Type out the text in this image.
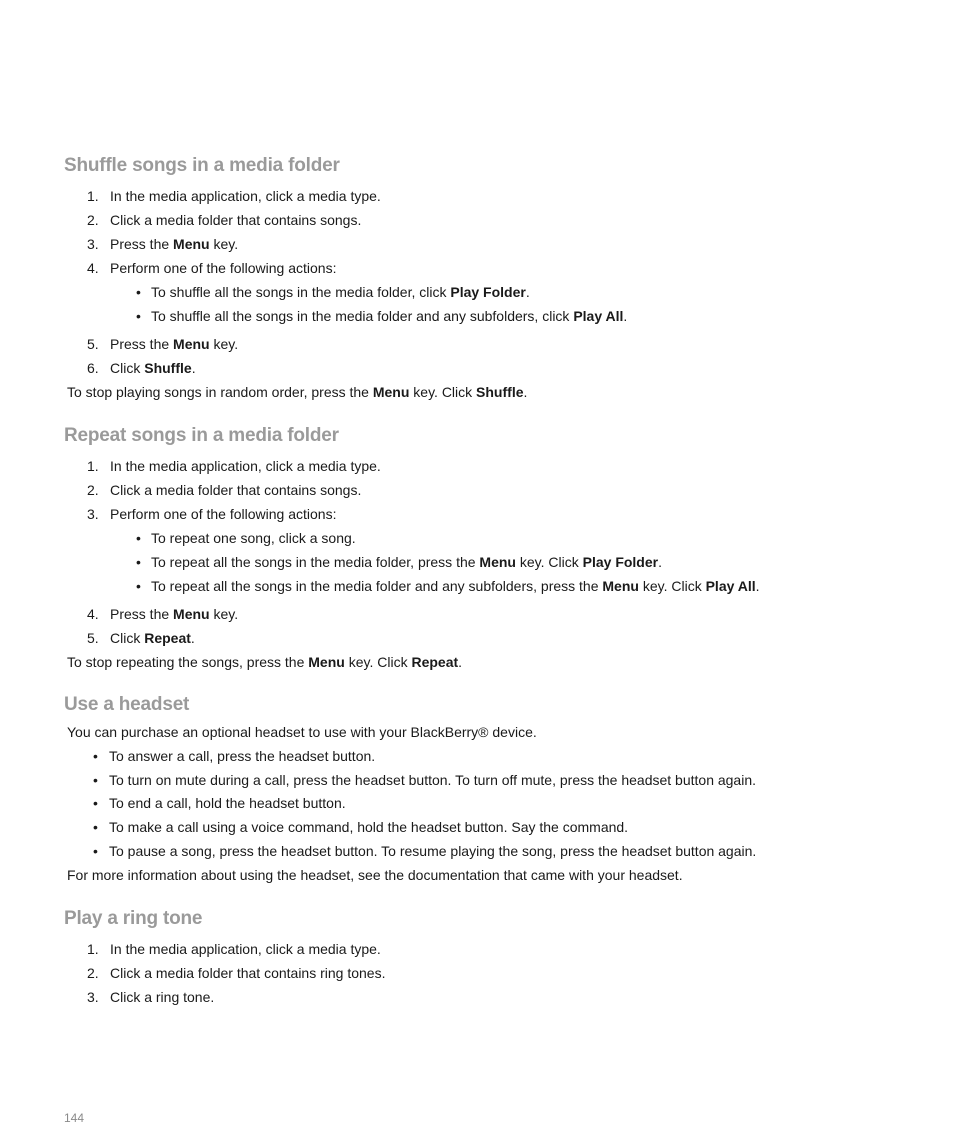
Shuffle songs in a media folder
1. In the media application, click a media type.
2. Click a media folder that contains songs.
3. Press the Menu key.
4. Perform one of the following actions:
• To shuffle all the songs in the media folder, click Play Folder.
• To shuffle all the songs in the media folder and any subfolders, click Play All.
5. Press the Menu key.
6. Click Shuffle.
To stop playing songs in random order, press the Menu key. Click Shuffle.
Repeat songs in a media folder
1. In the media application, click a media type.
2. Click a media folder that contains songs.
3. Perform one of the following actions:
• To repeat one song, click a song.
• To repeat all the songs in the media folder, press the Menu key. Click Play Folder.
• To repeat all the songs in the media folder and any subfolders, press the Menu key. Click Play All.
4. Press the Menu key.
5. Click Repeat.
To stop repeating the songs, press the Menu key. Click Repeat.
Use a headset
You can purchase an optional headset to use with your BlackBerry® device.
• To answer a call, press the headset button.
• To turn on mute during a call, press the headset button. To turn off mute, press the headset button again.
• To end a call, hold the headset button.
• To make a call using a voice command, hold the headset button. Say the command.
• To pause a song, press the headset button. To resume playing the song, press the headset button again.
For more information about using the headset, see the documentation that came with your headset.
Play a ring tone
1. In the media application, click a media type.
2. Click a media folder that contains ring tones.
3. Click a ring tone.
144
